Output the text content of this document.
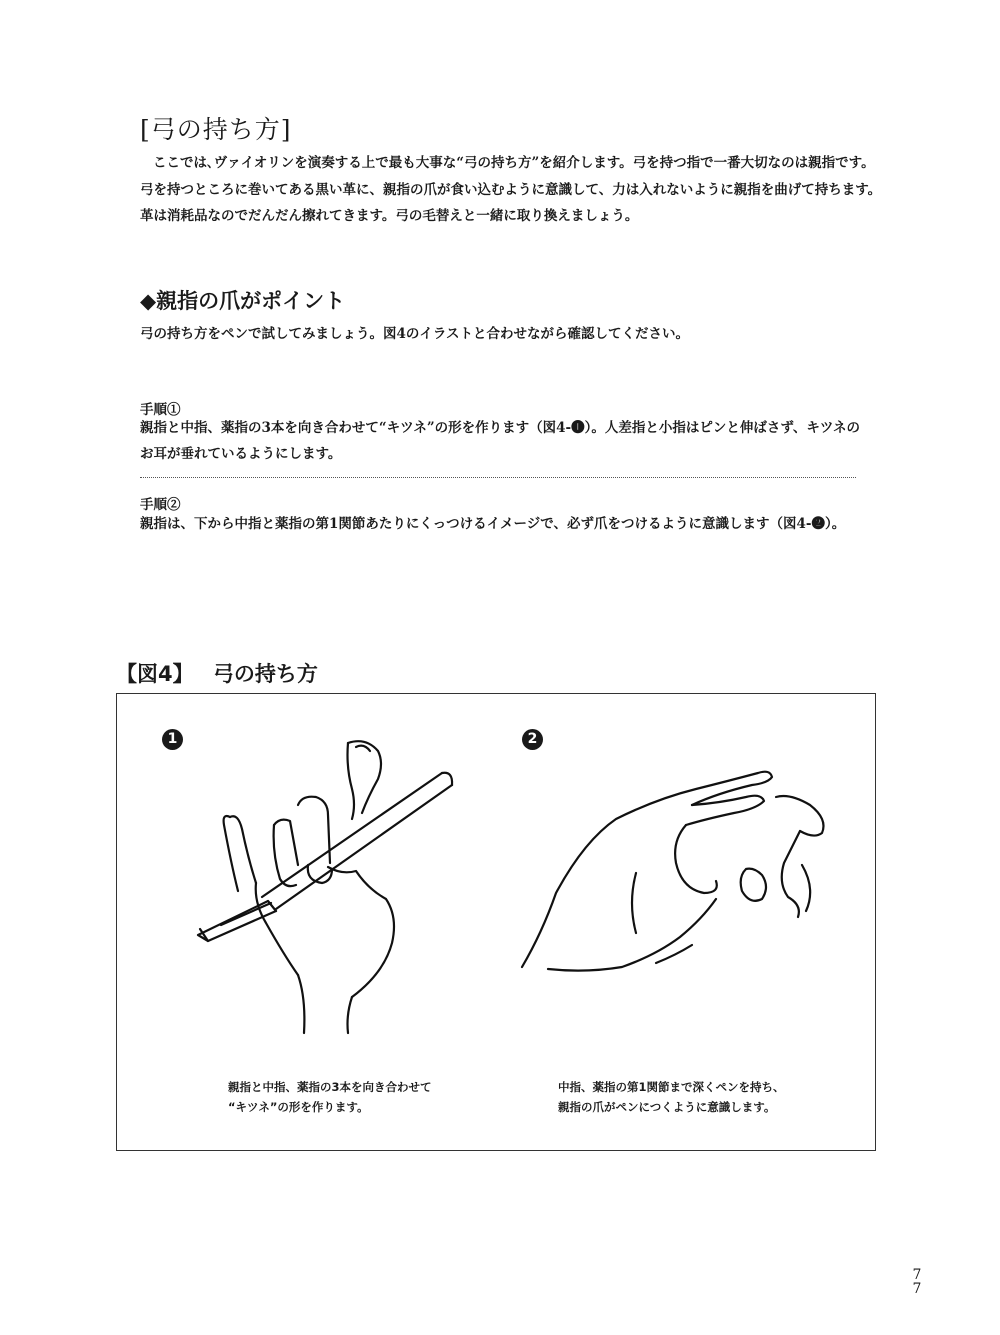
[弓の持ち方]

ここでは､ヴァイオリンを演奏する上で最も大事な“弓の持ち方”を紹介します。弓を持つ指で一番大切なのは親指です。

弓を持つところに巻いてある黒い革に、親指の爪が食い込むように意識して、力は入れないように親指を曲げて持ちます。

革は消耗品なのでだんだん擦れてきます。弓の毛替えと一緒に取り換えましょう。

◆親指の爪がポイント
弓の持ち方をペンで試してみましょう。図4のイラストと合わせながら確認してください。
手順①

親指と中指、薬指の3本を向き合わせて“キツネ”の形を作ります（図4-❶）。人差指と小指はピンと伸ばさず、キツネの

お耳が垂れているようにします。

手順②

親指は、下から中指と薬指の第1関節あたりにくっつけるイメージで、必ず爪をつけるように意識します（図4-❷）。

【図4】 弓の持ち方
1	2

親指と中指、薬指の3本を向き合わせて

“キツネ”の形を作ります。

中指、薬指の第1関節まで深くペンを持ち、

親指の爪がペンにつくように意識します。

77
